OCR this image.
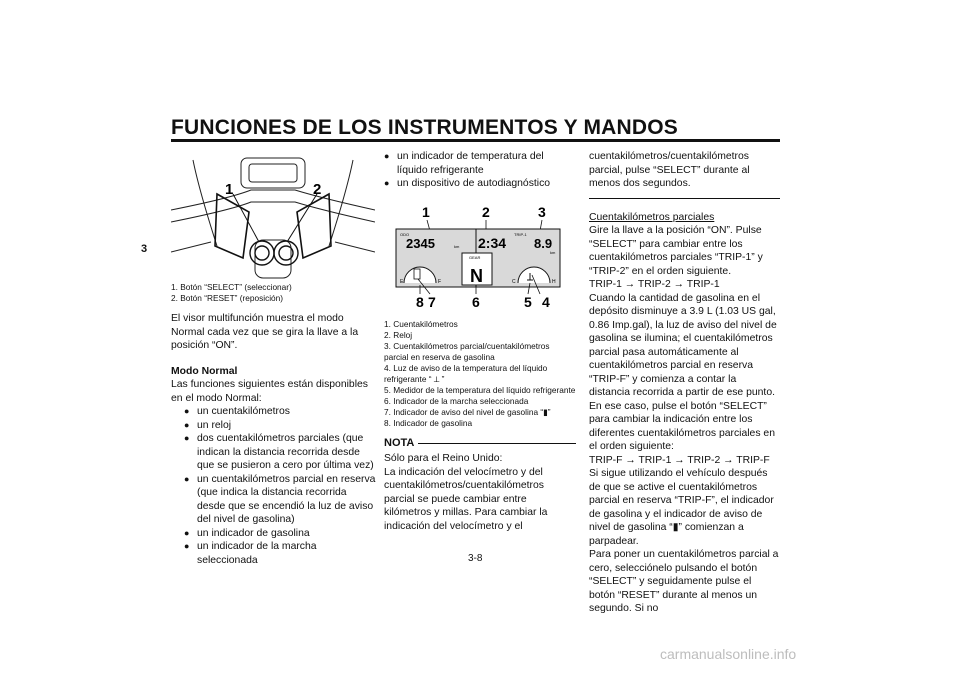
FUNCIONES DE LOS INSTRUMENTOS Y MANDOS
3
1	2

1. Botón “SELECT” (seleccionar)

2. Botón “RESET” (reposición)

El visor multifunción muestra el modo Normal cada vez que se gira la llave a la posición “ON”.

Modo Normal

Las funciones siguientes están disponibles en el modo Normal:

● un cuentakilómetros

● un reloj

● dos cuentakilómetros parciales (que indican la distancia recorrida desde que se pusieron a cero por última vez)

● un cuentakilómetros parcial en reserva (que indica la distancia recorrida desde que se encendió la luz de aviso del nivel de gasolina)

● un indicador de gasolina

● un indicador de la marcha seleccionada

● un indicador de temperatura del líquido refrigerante

● un dispositivo de autodiagnóstico

1	2	3
ODO
2345	km 2:34
TRIP-1
8.9
km
GEAR
N
E	F	C	H
8 7	6	5 4

1. Cuentakilómetros

2. Reloj

3. Cuentakilómetros parcial/cuentakilómetros parcial en reserva de gasolina

4. Luz de aviso de la temperatura del líquido refrigerante “ ⟂ ”

5. Medidor de la temperatura del líquido refrigerante

6. Indicador de la marcha seleccionada

7. Indicador de aviso del nivel de gasolina “▮”

8. Indicador de gasolina

NOTA

Sólo para el Reino Unido:

La indicación del velocímetro y del cuentakilómetros/cuentakilómetros parcial se puede cambiar entre kilómetros y millas. Para cambiar la indicación del velocímetro y el

cuentakilómetros/cuentakilómetros parcial, pulse “SELECT” durante al menos dos segundos.

Cuentakilómetros parciales

Gire la llave a la posición “ON”. Pulse “SELECT” para cambiar entre los cuentakilómetros parciales “TRIP-1” y “TRIP-2” en el orden siguiente.

TRIP-1 → TRIP-2 → TRIP-1

Cuando la cantidad de gasolina en el depósito disminuye a 3.9 L (1.03 US gal, 0.86 Imp.gal), la luz de aviso del nivel de gasolina se ilumina; el cuentakilómetros parcial pasa automáticamente al cuentakilómetros parcial en reserva “TRIP-F” y comienza a contar la distancia recorrida a partir de ese punto. En ese caso, pulse el botón “SELECT” para cambiar la indicación entre los diferentes cuentakilómetros parciales en el orden siguiente:

TRIP-F → TRIP-1 → TRIP-2 → TRIP-F

Si sigue utilizando el vehículo después de que se active el cuentakilómetros parcial en reserva “TRIP-F”, el indicador de gasolina y el indicador de aviso de nivel de gasolina “▮” comienzan a parpadear.

Para poner un cuentakilómetros parcial a cero, selecciónelo pulsando el botón “SELECT” y seguidamente pulse el botón “RESET” durante al menos un segundo. Si no

3-8
carmanualsonline.info
